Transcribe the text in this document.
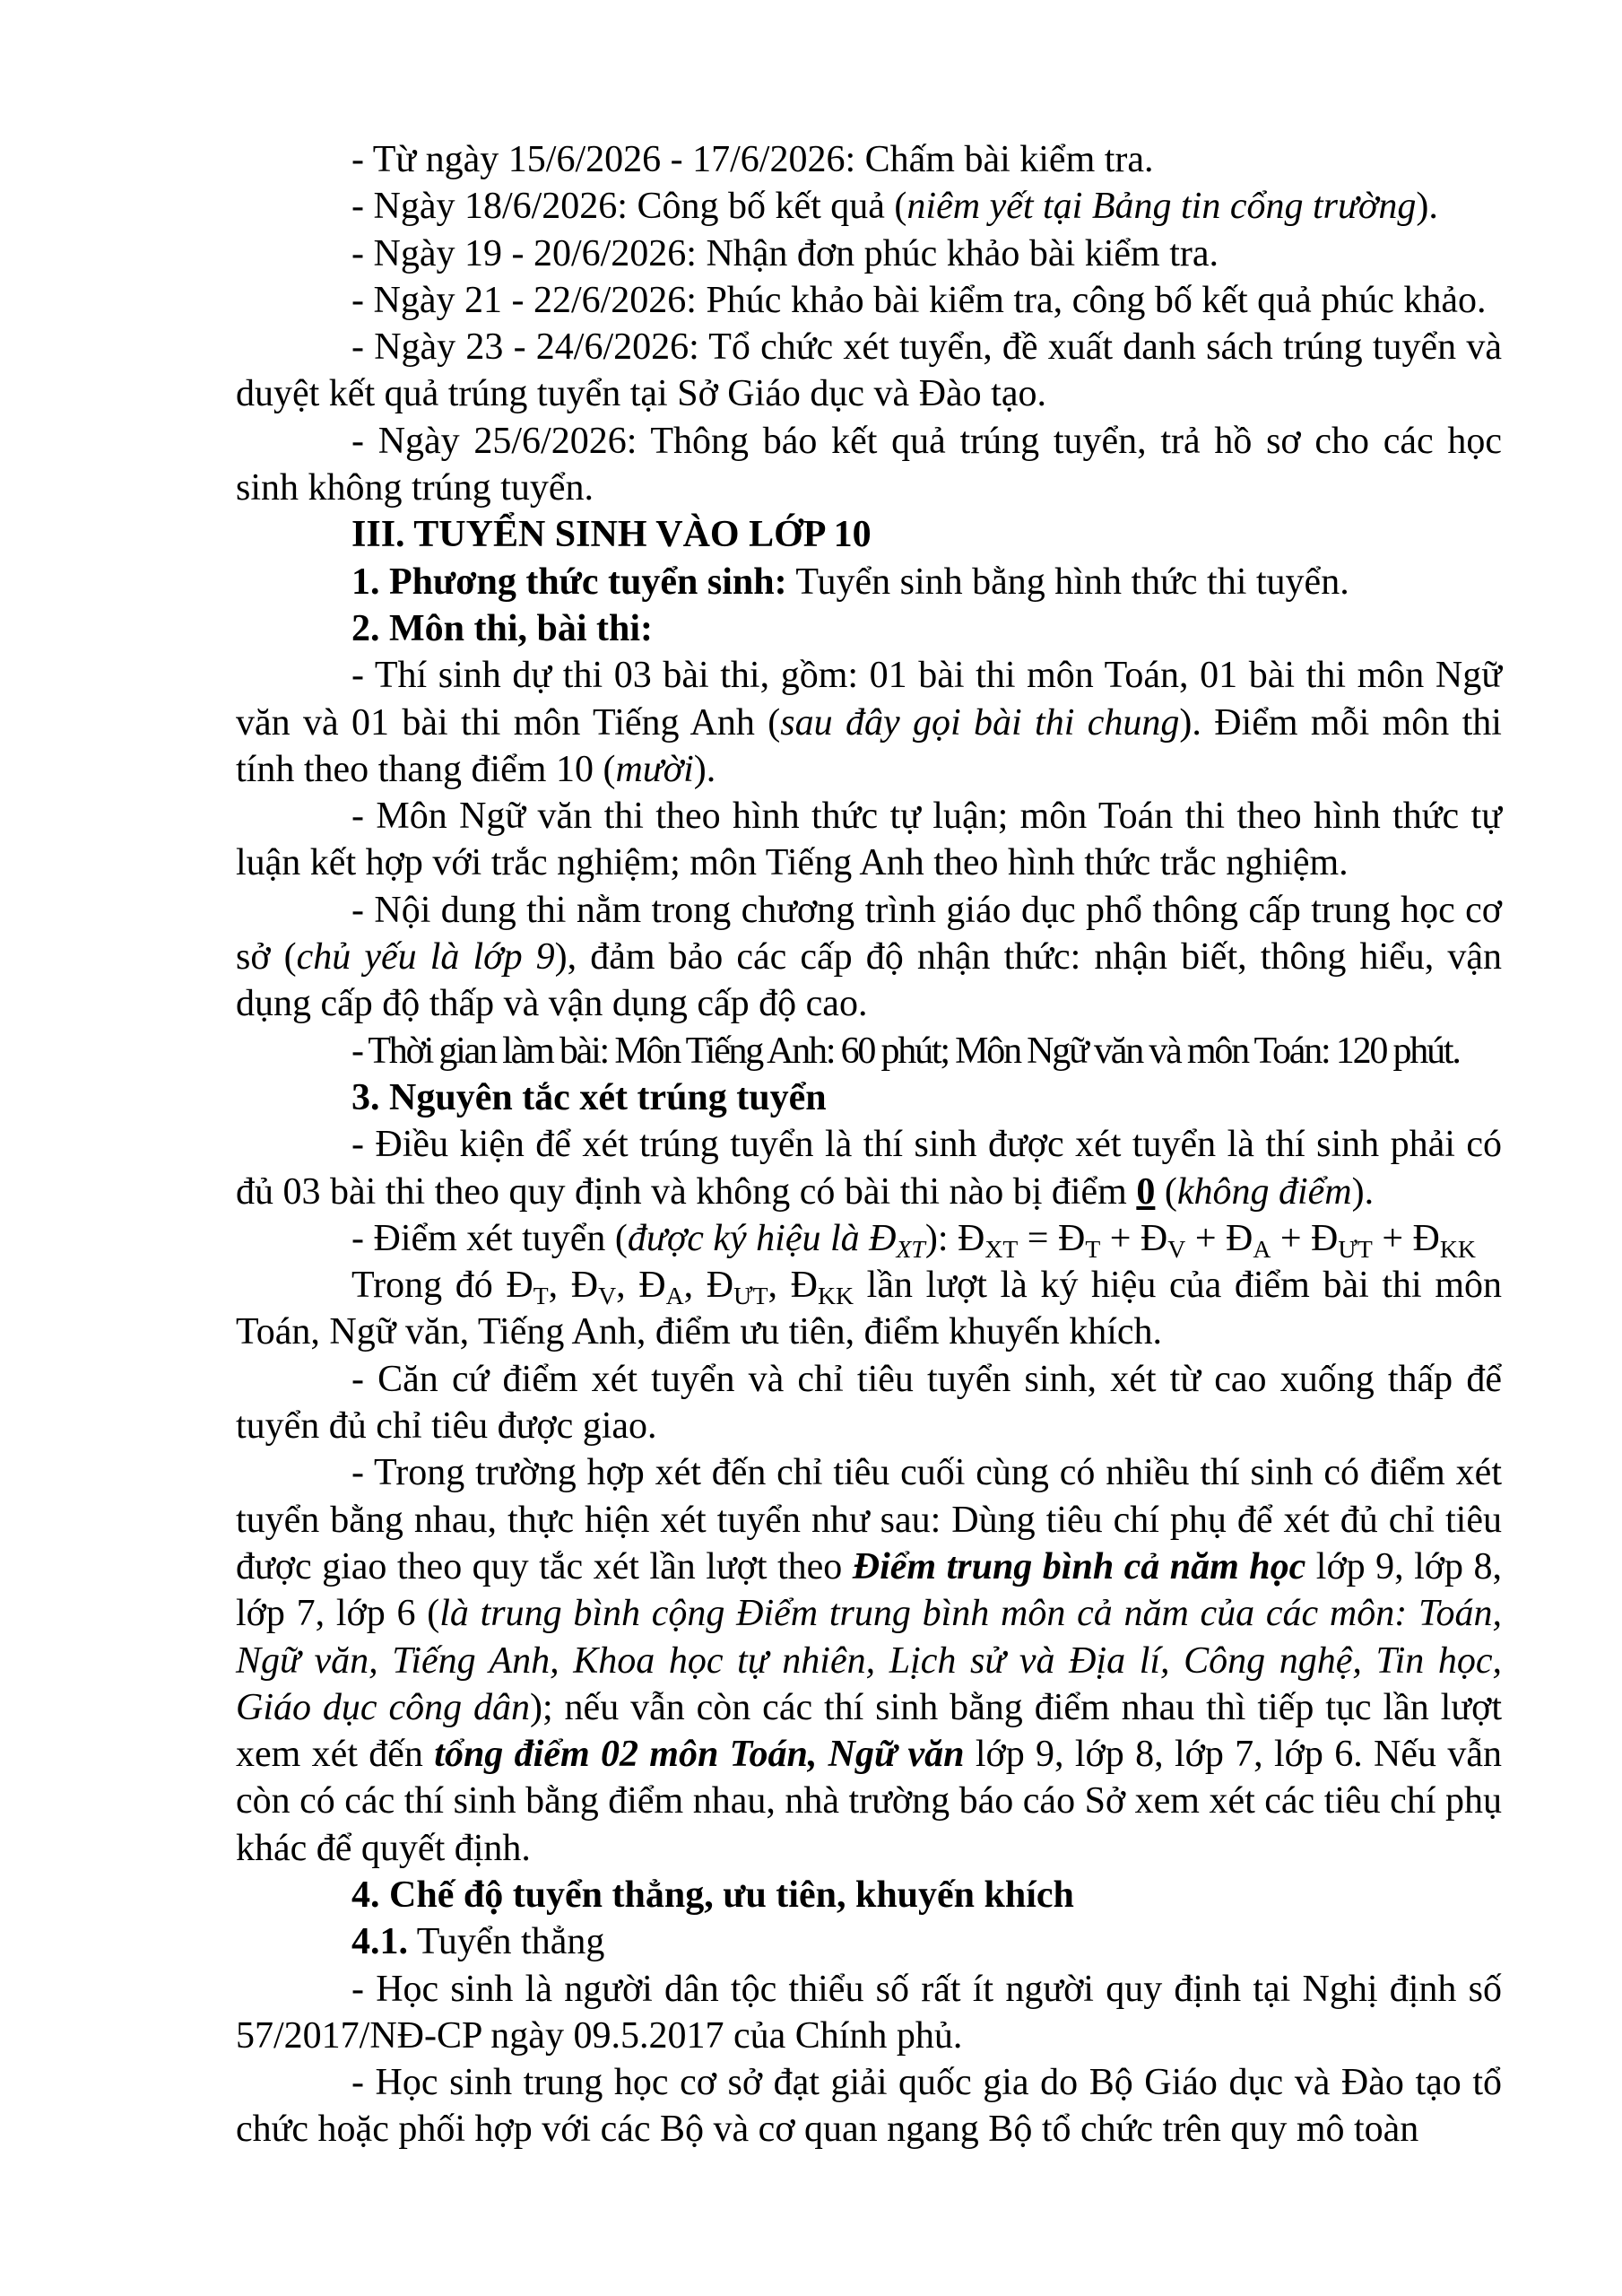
- Từ ngày 15/6/2026 - 17/6/2026: Chấm bài kiểm tra.

- Ngày 18/6/2026: Công bố kết quả (niêm yết tại Bảng tin cổng trường).

- Ngày 19 - 20/6/2026: Nhận đơn phúc khảo bài kiểm tra.

- Ngày 21 - 22/6/2026: Phúc khảo bài kiểm tra, công bố kết quả phúc khảo.

- Ngày 23 - 24/6/2026: Tổ chức xét tuyển, đề xuất danh sách trúng tuyển và duyệt kết quả trúng tuyển tại Sở Giáo dục và Đào tạo.

- Ngày 25/6/2026: Thông báo kết quả trúng tuyển, trả hồ sơ cho các học sinh không trúng tuyển.

III. TUYỂN SINH VÀO LỚP 10

1. Phương thức tuyển sinh: Tuyển sinh bằng hình thức thi tuyển.

2. Môn thi, bài thi:

- Thí sinh dự thi 03 bài thi, gồm: 01 bài thi môn Toán, 01 bài thi môn Ngữ văn và 01 bài thi môn Tiếng Anh (sau đây gọi bài thi chung). Điểm mỗi môn thi tính theo thang điểm 10 (mười).

- Môn Ngữ văn thi theo hình thức tự luận; môn Toán thi theo hình thức tự luận kết hợp với trắc nghiệm; môn Tiếng Anh theo hình thức trắc nghiệm.

- Nội dung thi nằm trong chương trình giáo dục phổ thông cấp trung học cơ sở (chủ yếu là lớp 9), đảm bảo các cấp độ nhận thức: nhận biết, thông hiểu, vận dụng cấp độ thấp và vận dụng cấp độ cao.

- Thời gian làm bài: Môn Tiếng Anh: 60 phút; Môn Ngữ văn và môn Toán: 120 phút.

3. Nguyên tắc xét trúng tuyển

- Điều kiện để xét trúng tuyển là thí sinh được xét tuyển là thí sinh phải có đủ 03 bài thi theo quy định và không có bài thi nào bị điểm 0 (không điểm).

- Điểm xét tuyển (được ký hiệu là ĐXT): ĐXT = ĐT + ĐV + ĐA + ĐƯT + ĐKK

Trong đó ĐT, ĐV, ĐA, ĐƯT, ĐKK lần lượt là ký hiệu của điểm bài thi môn Toán, Ngữ văn, Tiếng Anh, điểm ưu tiên, điểm khuyến khích.

- Căn cứ điểm xét tuyển và chỉ tiêu tuyển sinh, xét từ cao xuống thấp để tuyển đủ chỉ tiêu được giao.

- Trong trường hợp xét đến chỉ tiêu cuối cùng có nhiều thí sinh có điểm xét tuyển bằng nhau, thực hiện xét tuyển như sau: Dùng tiêu chí phụ để xét đủ chỉ tiêu được giao theo quy tắc xét lần lượt theo Điểm trung bình cả năm học lớp 9, lớp 8, lớp 7, lớp 6 (là trung bình cộng Điểm trung bình môn cả năm của các môn: Toán, Ngữ văn, Tiếng Anh, Khoa học tự nhiên, Lịch sử và Địa lí, Công nghệ, Tin học, Giáo dục công dân); nếu vẫn còn các thí sinh bằng điểm nhau thì tiếp tục lần lượt xem xét đến tổng điểm 02 môn Toán, Ngữ văn lớp 9, lớp 8, lớp 7, lớp 6. Nếu vẫn còn có các thí sinh bằng điểm nhau, nhà trường báo cáo Sở xem xét các tiêu chí phụ khác để quyết định.

4. Chế độ tuyển thẳng, ưu tiên, khuyến khích

4.1. Tuyển thẳng

- Học sinh là người dân tộc thiểu số rất ít người quy định tại Nghị định số 57/2017/NĐ-CP ngày 09.5.2017 của Chính phủ.

- Học sinh trung học cơ sở đạt giải quốc gia do Bộ Giáo dục và Đào tạo tổ chức hoặc phối hợp với các Bộ và cơ quan ngang Bộ tổ chức trên quy mô toàn
